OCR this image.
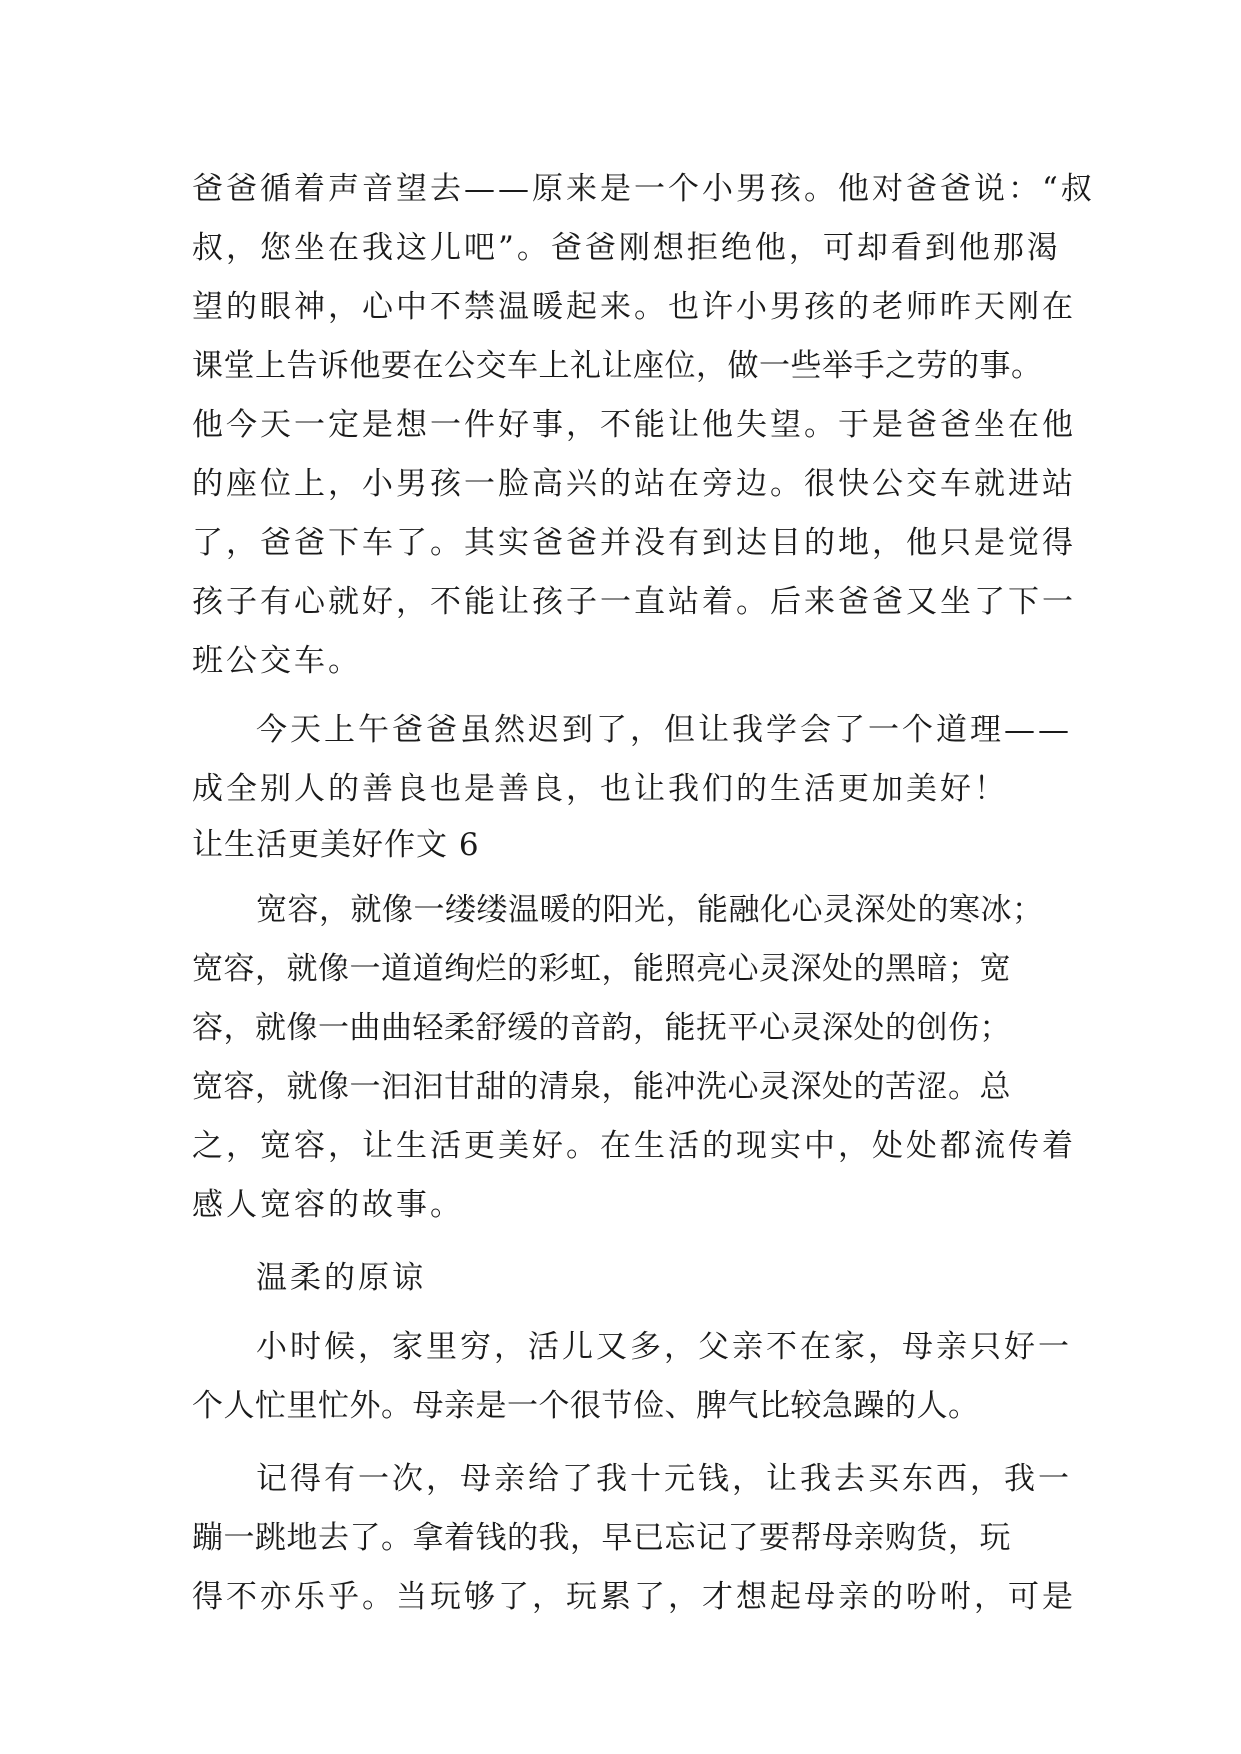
爸爸循着声音望去——原来是一个小男孩。他对爸爸说：“叔
叔，您坐在我这儿吧”。爸爸刚想拒绝他，可却看到他那渴
望的眼神，心中不禁温暖起来。也许小男孩的老师昨天刚在
课堂上告诉他要在公交车上礼让座位，做一些举手之劳的事。
他今天一定是想一件好事，不能让他失望。于是爸爸坐在他
的座位上，小男孩一脸高兴的站在旁边。很快公交车就进站
了，爸爸下车了。其实爸爸并没有到达目的地，他只是觉得
孩子有心就好，不能让孩子一直站着。后来爸爸又坐了下一
班公交车。
今天上午爸爸虽然迟到了，但让我学会了一个道理——
成全别人的善良也是善良，也让我们的生活更加美好！
让生活更美好作文 6
宽容，就像一缕缕温暖的阳光，能融化心灵深处的寒冰；
宽容，就像一道道绚烂的彩虹，能照亮心灵深处的黑暗；宽
容，就像一曲曲轻柔舒缓的音韵，能抚平心灵深处的创伤；
宽容，就像一汩汩甘甜的清泉，能冲洗心灵深处的苦涩。总
之，宽容，让生活更美好。在生活的现实中，处处都流传着
感人宽容的故事。
温柔的原谅
小时候，家里穷，活儿又多，父亲不在家，母亲只好一
个人忙里忙外。母亲是一个很节俭、脾气比较急躁的人。
记得有一次，母亲给了我十元钱，让我去买东西，我一
蹦一跳地去了。拿着钱的我，早已忘记了要帮母亲购货，玩
得不亦乐乎。当玩够了，玩累了，才想起母亲的吩咐，可是
